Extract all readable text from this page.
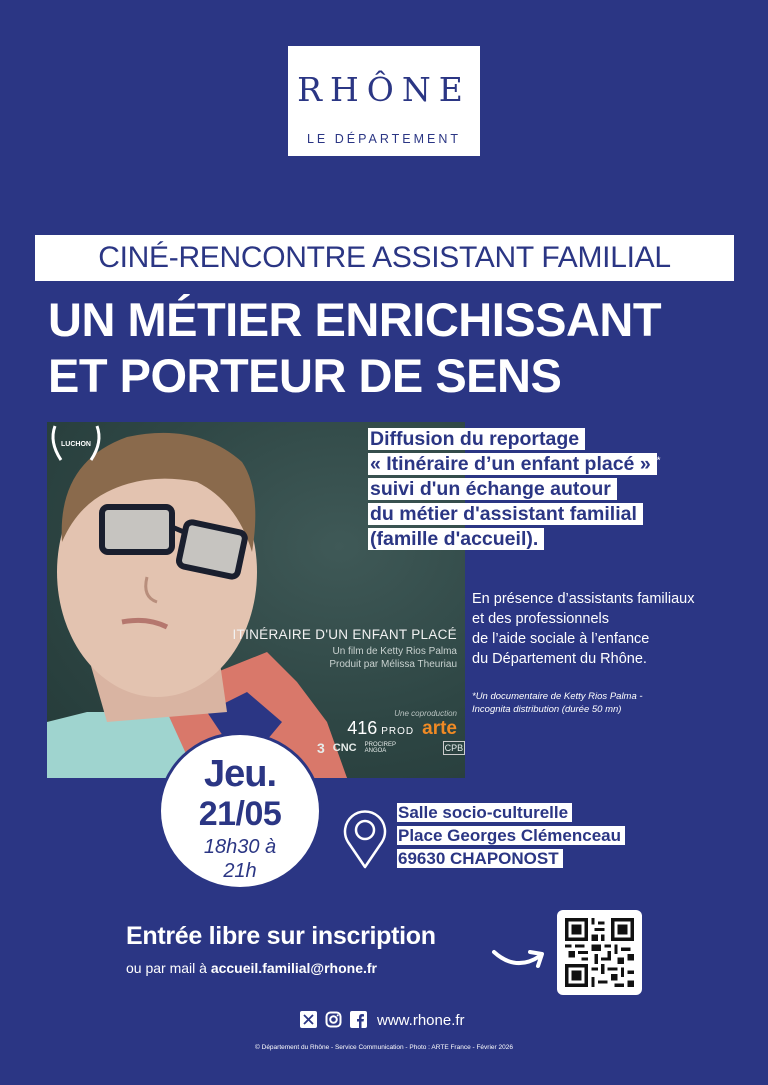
RHÔNE
LE DÉPARTEMENT
CINÉ-RENCONTRE ASSISTANT FAMILIAL
UN MÉTIER ENRICHISSANT
ET PORTEUR DE SENS
LUCHON
ITINÉRAIRE D'UN ENFANT PLACÉ
Un film de Ketty Rios Palma
Produit par Mélissa Theuriau
Une coproduction
416 PROD arte
3 CNC PROCIREP ANGOA	CPB
Diffusion du reportage
« Itinéraire d’un enfant placé » *
suivi d'un échange autour
du métier d'assistant familial
(famille d'accueil).
En présence d’assistants familiaux
et des professionnels
de l’aide sociale à l’enfance
du Département du Rhône.
*Un documentaire de Ketty Rios Palma -
Incognita distribution (durée 50 mn)
Jeu.
21/05
18h30 à
21h
Salle socio-culturelle
Place Georges Clémenceau
69630 CHAPONOST
Entrée libre sur inscription
ou par mail à accueil.familial@rhone.fr
www.rhone.fr
© Département du Rhône - Service Communication - Photo : ARTE France - Février 2026
